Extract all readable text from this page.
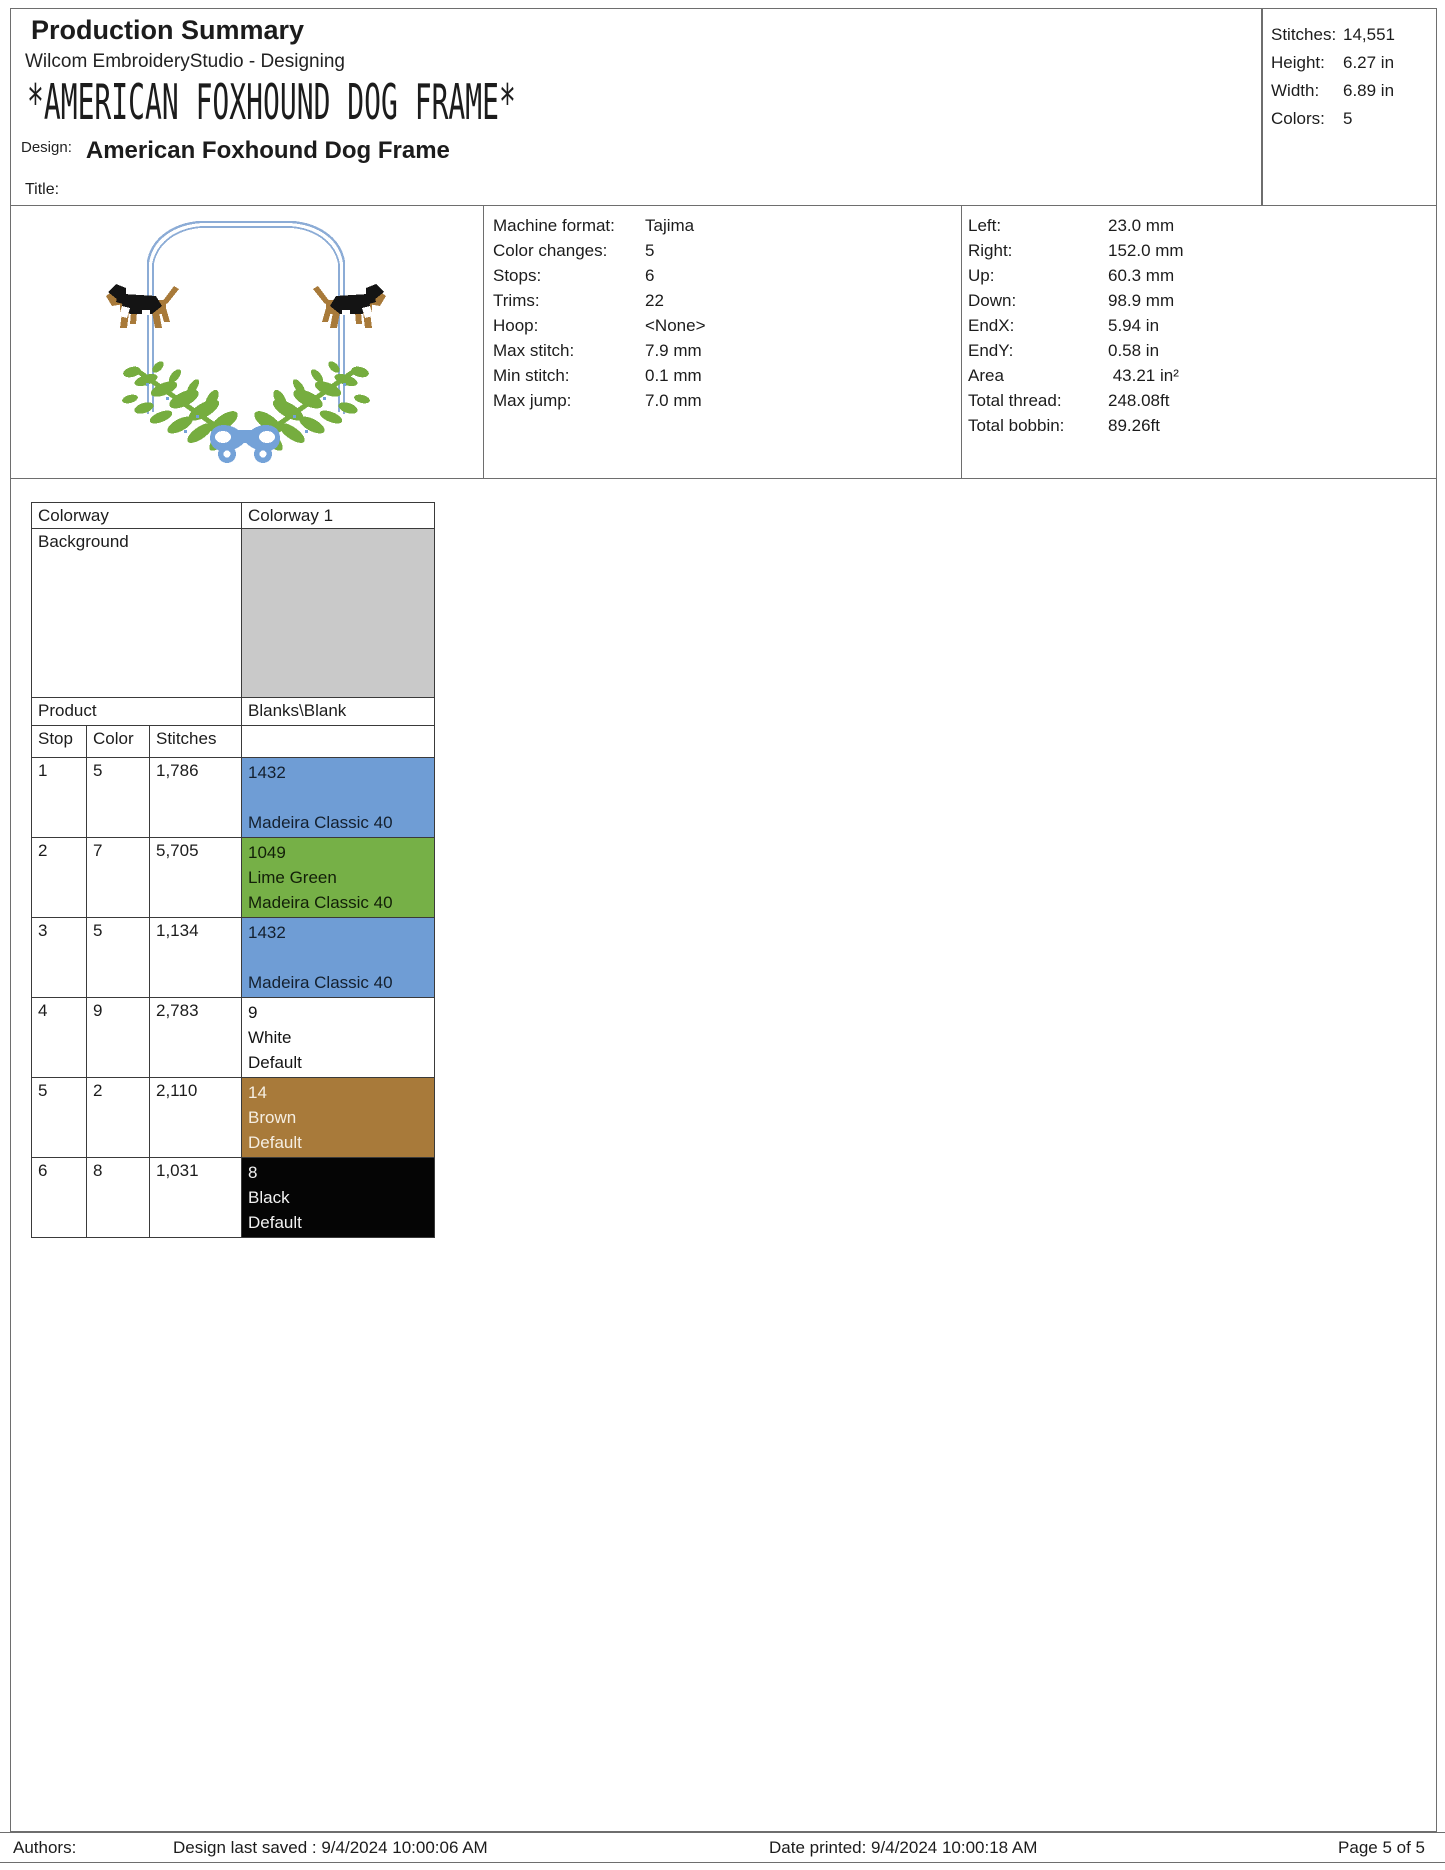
Production Summary
Wilcom EmbroideryStudio - Designing
*AMERICAN FOXHOUND DOG FRAME*
Design: American Foxhound Dog Frame
Title:
Stitches: 14,551
Height:	6.27 in
Width:	6.89 in
Colors:	5
Machine format:	Tajima
Color changes:	5
Stops:	6
Trims:	22
Hoop:	<None>
Max stitch:	7.9 mm
Min stitch:	0.1 mm
Max jump:	7.0 mm
Left:	23.0 mm
Right:	152.0 mm
Up:	60.3 mm
Down:	98.9 mm
EndX:	5.94 in
EndY:	0.58 in
Area	43.21 in²
Total thread:	248.08ft
Total bobbin:	89.26ft
Colorway			Colorway 1
Background			
Product			Blanks\Blank
Stop	Color	Stitches	
1	5	1,786	1432

Madeira Classic 40

2	7	5,705	1049
Lime Green
Madeira Classic 40

3	5	1,134	1432

Madeira Classic 40

4	9	2,783	9
White
Default

5	2	2,110	14
Brown
Default

6	8	1,031	8
Black
Default
Authors:	Design last saved : 9/4/2024 10:00:06 AM	Date printed: 9/4/2024 10:00:18 AM	Page 5 of 5
